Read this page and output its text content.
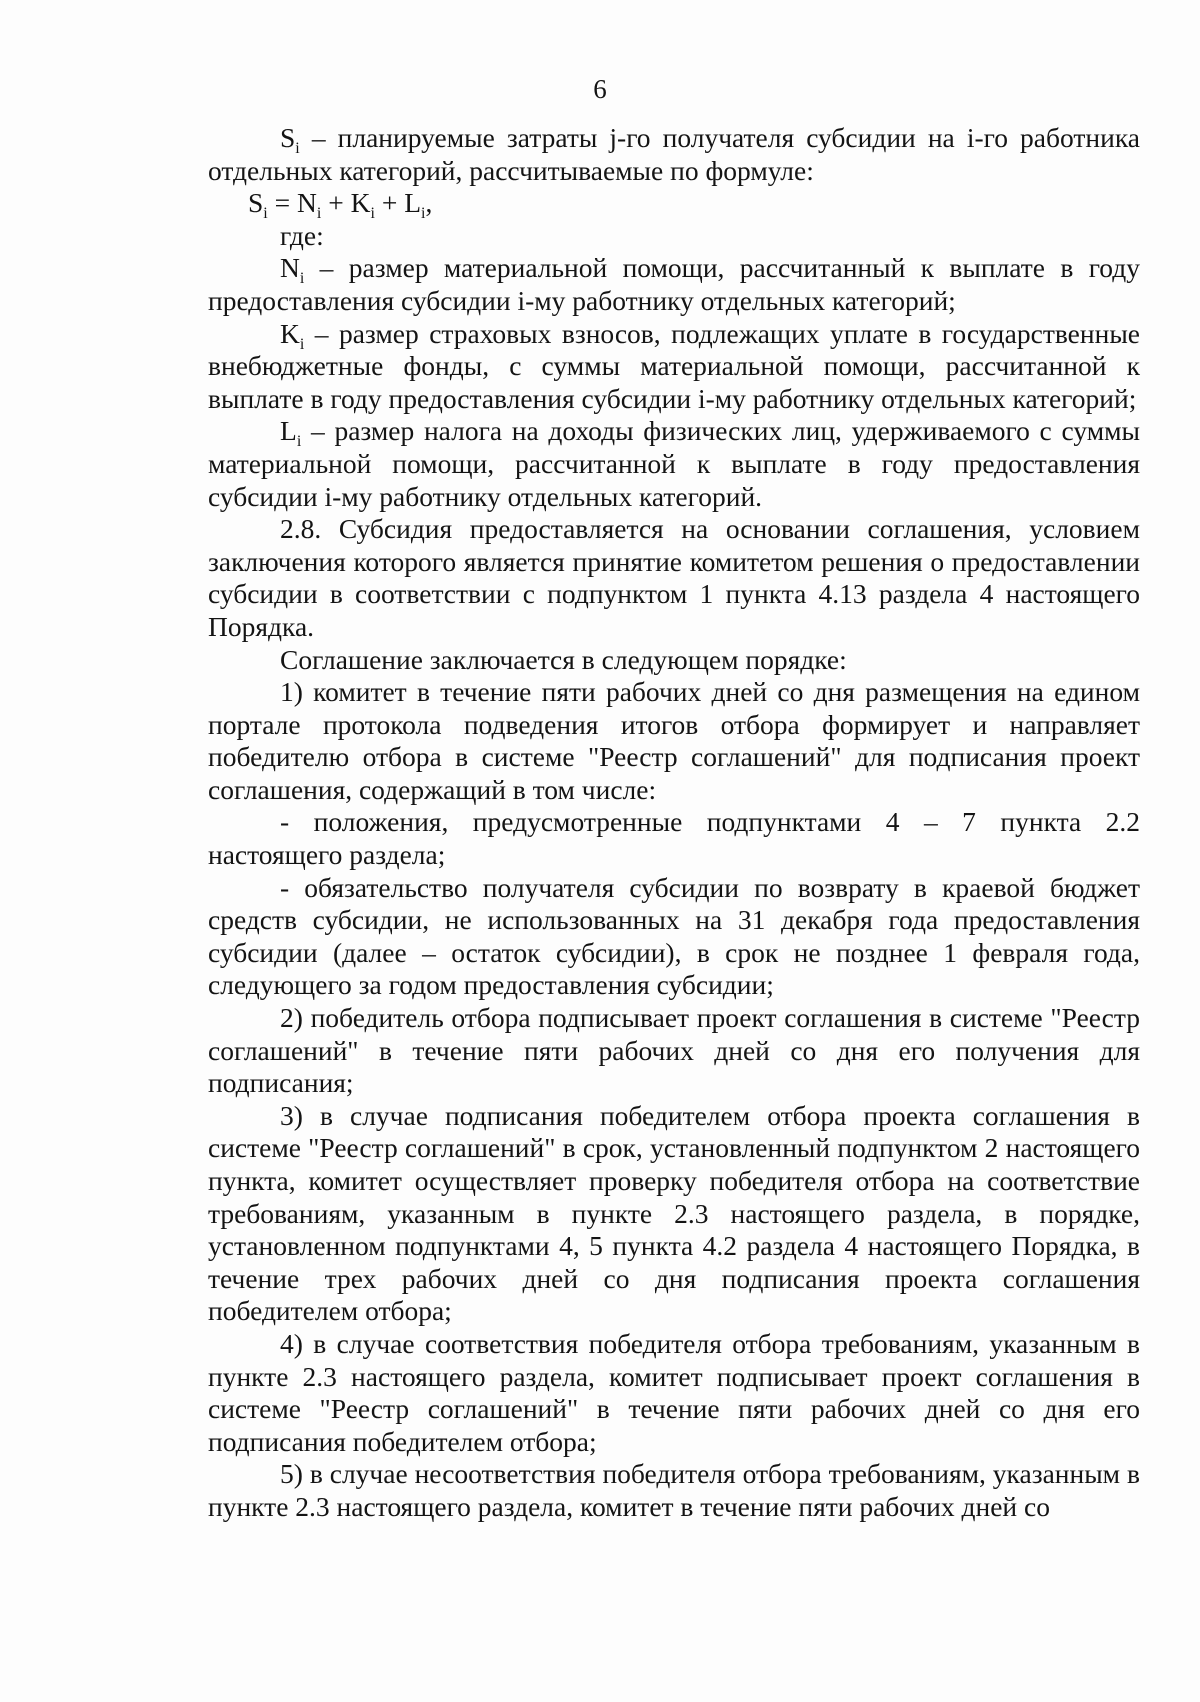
6

$S_i$ – планируемые затраты j-го получателя субсидии на i-го работника отдельных категорий, рассчитываемые по формуле:

$S_i = N_i + K_i + L_i$,

где:

$N_i$ – размер материальной помощи, рассчитанный к выплате в году предоставления субсидии i-му работнику отдельных категорий;

$K_i$ – размер страховых взносов, подлежащих уплате в государственные внебюджетные фонды, с суммы материальной помощи, рассчитанной к выплате в году предоставления субсидии i-му работнику отдельных категорий;

$L_i$ – размер налога на доходы физических лиц, удерживаемого с суммы материальной помощи, рассчитанной к выплате в году предоставления субсидии i-му работнику отдельных категорий.

2.8. Субсидия предоставляется на основании соглашения, условием заключения которого является принятие комитетом решения о предоставлении субсидии в соответствии с подпунктом 1 пункта 4.13 раздела 4 настоящего Порядка.

Соглашение заключается в следующем порядке:

1) комитет в течение пяти рабочих дней со дня размещения на едином портале протокола подведения итогов отбора формирует и направляет победителю отбора в системе "Реестр соглашений" для подписания проект соглашения, содержащий в том числе:

- положения, предусмотренные подпунктами 4 – 7 пункта 2.2 настоящего раздела;

- обязательство получателя субсидии по возврату в краевой бюджет средств субсидии, не использованных на 31 декабря года предоставления субсидии (далее – остаток субсидии), в срок не позднее 1 февраля года, следующего за годом предоставления субсидии;

2) победитель отбора подписывает проект соглашения в системе "Реестр соглашений" в течение пяти рабочих дней со дня его получения для подписания;

3) в случае подписания победителем отбора проекта соглашения в системе "Реестр соглашений" в срок, установленный подпунктом 2 настоящего пункта, комитет осуществляет проверку победителя отбора на соответствие требованиям, указанным в пункте 2.3 настоящего раздела, в порядке, установленном подпунктами 4, 5 пункта 4.2 раздела 4 настоящего Порядка, в течение трех рабочих дней со дня подписания проекта соглашения победителем отбора;

4) в случае соответствия победителя отбора требованиям, указанным в пункте 2.3 настоящего раздела, комитет подписывает проект соглашения в системе "Реестр соглашений" в течение пяти рабочих дней со дня его подписания победителем отбора;

5) в случае несоответствия победителя отбора требованиям, указанным в пункте 2.3 настоящего раздела, комитет в течение пяти рабочих дней со
